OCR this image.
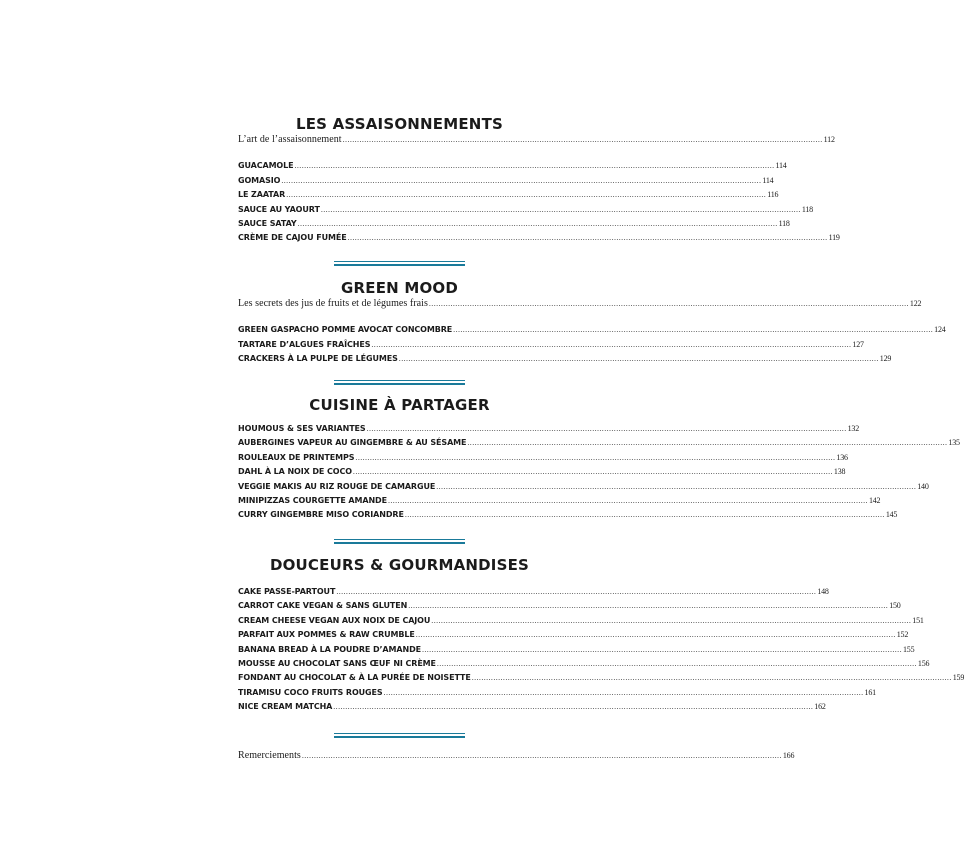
LES ASSAISONNEMENTS
L’art de l’assaisonnement ........................................................................................................................................................................................................ 112
GUACAMOLE ........................................................................................................................................................................................................ 114
GOMASIO ........................................................................................................................................................................................................ 114
LE ZAATAR ........................................................................................................................................................................................................ 116
SAUCE AU YAOURT ........................................................................................................................................................................................................ 118
SAUCE SATAY ........................................................................................................................................................................................................ 118
CRÈME DE CAJOU FUMÉE ........................................................................................................................................................................................................ 119
GREEN MOOD
Les secrets des jus de fruits et de légumes frais ........................................................................................................................................................................................................ 122
GREEN GASPACHO POMME AVOCAT CONCOMBRE ........................................................................................................................................................................................................ 124
TARTARE D’ALGUES FRAÎCHES ........................................................................................................................................................................................................ 127
CRACKERS À LA PULPE DE LÉGUMES ........................................................................................................................................................................................................ 129
CUISINE À PARTAGER
HOUMOUS & SES VARIANTES ........................................................................................................................................................................................................ 132
AUBERGINES VAPEUR AU GINGEMBRE & AU SÉSAME ........................................................................................................................................................................................................ 135
ROULEAUX DE PRINTEMPS ........................................................................................................................................................................................................ 136
DAHL À LA NOIX DE COCO ........................................................................................................................................................................................................ 138
VEGGIE MAKIS AU RIZ ROUGE DE CAMARGUE ........................................................................................................................................................................................................ 140
MINIPIZZAS COURGETTE AMANDE ........................................................................................................................................................................................................ 142
CURRY GINGEMBRE MISO CORIANDRE ........................................................................................................................................................................................................ 145
DOUCEURS & GOURMANDISES
CAKE PASSE-PARTOUT ........................................................................................................................................................................................................ 148
CARROT CAKE VEGAN & SANS GLUTEN ........................................................................................................................................................................................................ 150
CREAM CHEESE VEGAN AUX NOIX DE CAJOU ........................................................................................................................................................................................................ 151
PARFAIT AUX POMMES & RAW CRUMBLE ........................................................................................................................................................................................................ 152
BANANA BREAD À LA POUDRE D’AMANDE ........................................................................................................................................................................................................ 155
MOUSSE AU CHOCOLAT SANS ŒUF NI CRÈME ........................................................................................................................................................................................................ 156
FONDANT AU CHOCOLAT & À LA PURÉE DE NOISETTE ........................................................................................................................................................................................................ 159
TIRAMISU COCO FRUITS ROUGES ........................................................................................................................................................................................................ 161
NICE CREAM MATCHA ........................................................................................................................................................................................................ 162
Remerciements ........................................................................................................................................................................................................ 166
